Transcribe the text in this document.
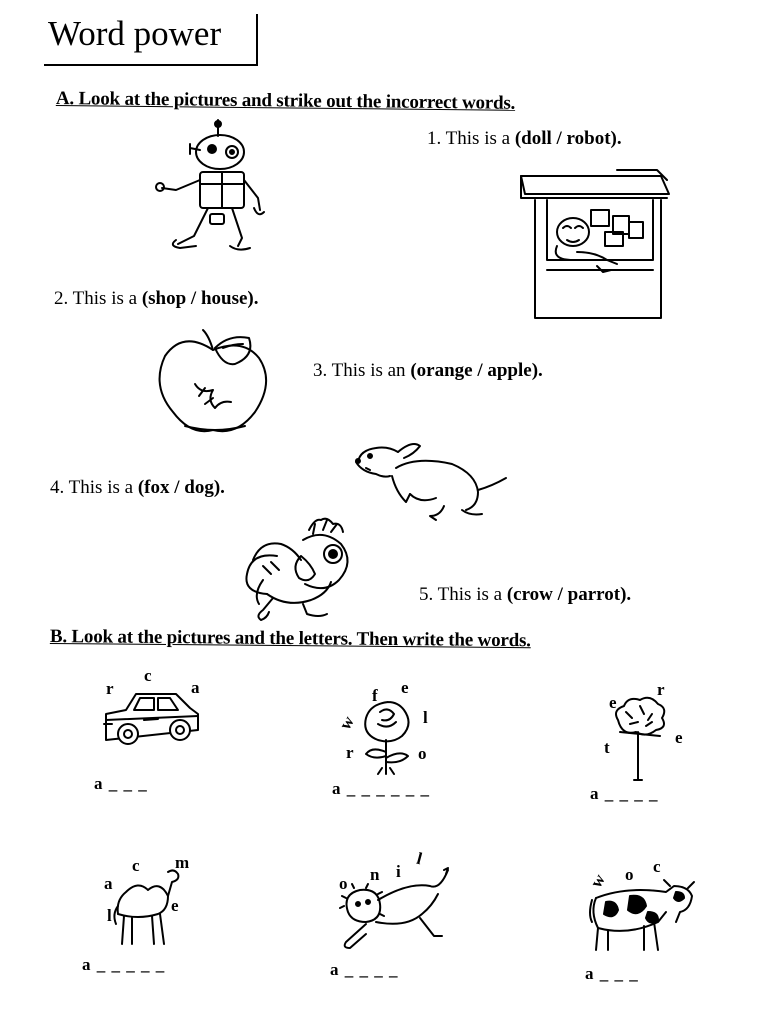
Word power
A. Look at the pictures and strike out the incorrect words.
1. This is a (doll / robot).
2. This is a (shop / house).
3. This is an (orange / apple).
4. This is a (fox / dog).
5. This is a (crow / parrot).
B. Look at the pictures and the letters. Then write the words.
r
c
a
a _ _ _
f e
w	l
r	o
a _ _ _ _ _ _
e
r
e
t
a _ _ _ _
c m
a
e
l
a _ _ _ _ _
o n i
l
a _ _ _ _
w o c
a _ _ _
